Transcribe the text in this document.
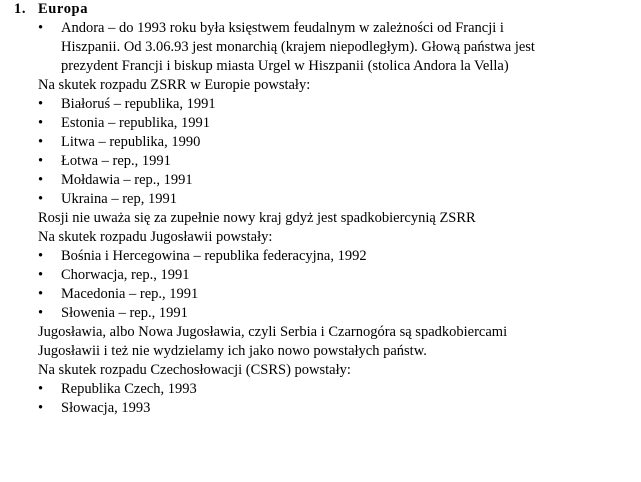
1. Europa
• Andora – do 1993 roku była księstwem feudalnym w zależności od Francji i Hiszpanii. Od 3.06.93 jest monarchią (krajem niepodległym). Głową państwa jest prezydent Francji i biskup miasta Urgel w Hiszpanii (stolica Andora la Vella)
Na skutek rozpadu ZSRR w Europie powstały:
• Białoruś – republika, 1991
• Estonia – republika, 1991
• Litwa – republika, 1990
• Łotwa – rep., 1991
• Mołdawia – rep., 1991
• Ukraina – rep, 1991
Rosji nie uważa się za zupełnie nowy kraj gdyż jest spadkobiercynią ZSRR
Na skutek rozpadu Jugosławii powstały:
• Bośnia i Hercegowina – republika federacyjna, 1992
• Chorwacja, rep., 1991
• Macedonia – rep., 1991
• Słowenia – rep., 1991
Jugosławia, albo Nowa Jugosławia, czyli Serbia i Czarnogóra są spadkobiercami Jugosławii i też nie wydzielamy ich jako nowo powstałych państw.
Na skutek rozpadu Czechosłowacji (CSRS) powstały:
• Republika Czech, 1993
• Słowacja, 1993
